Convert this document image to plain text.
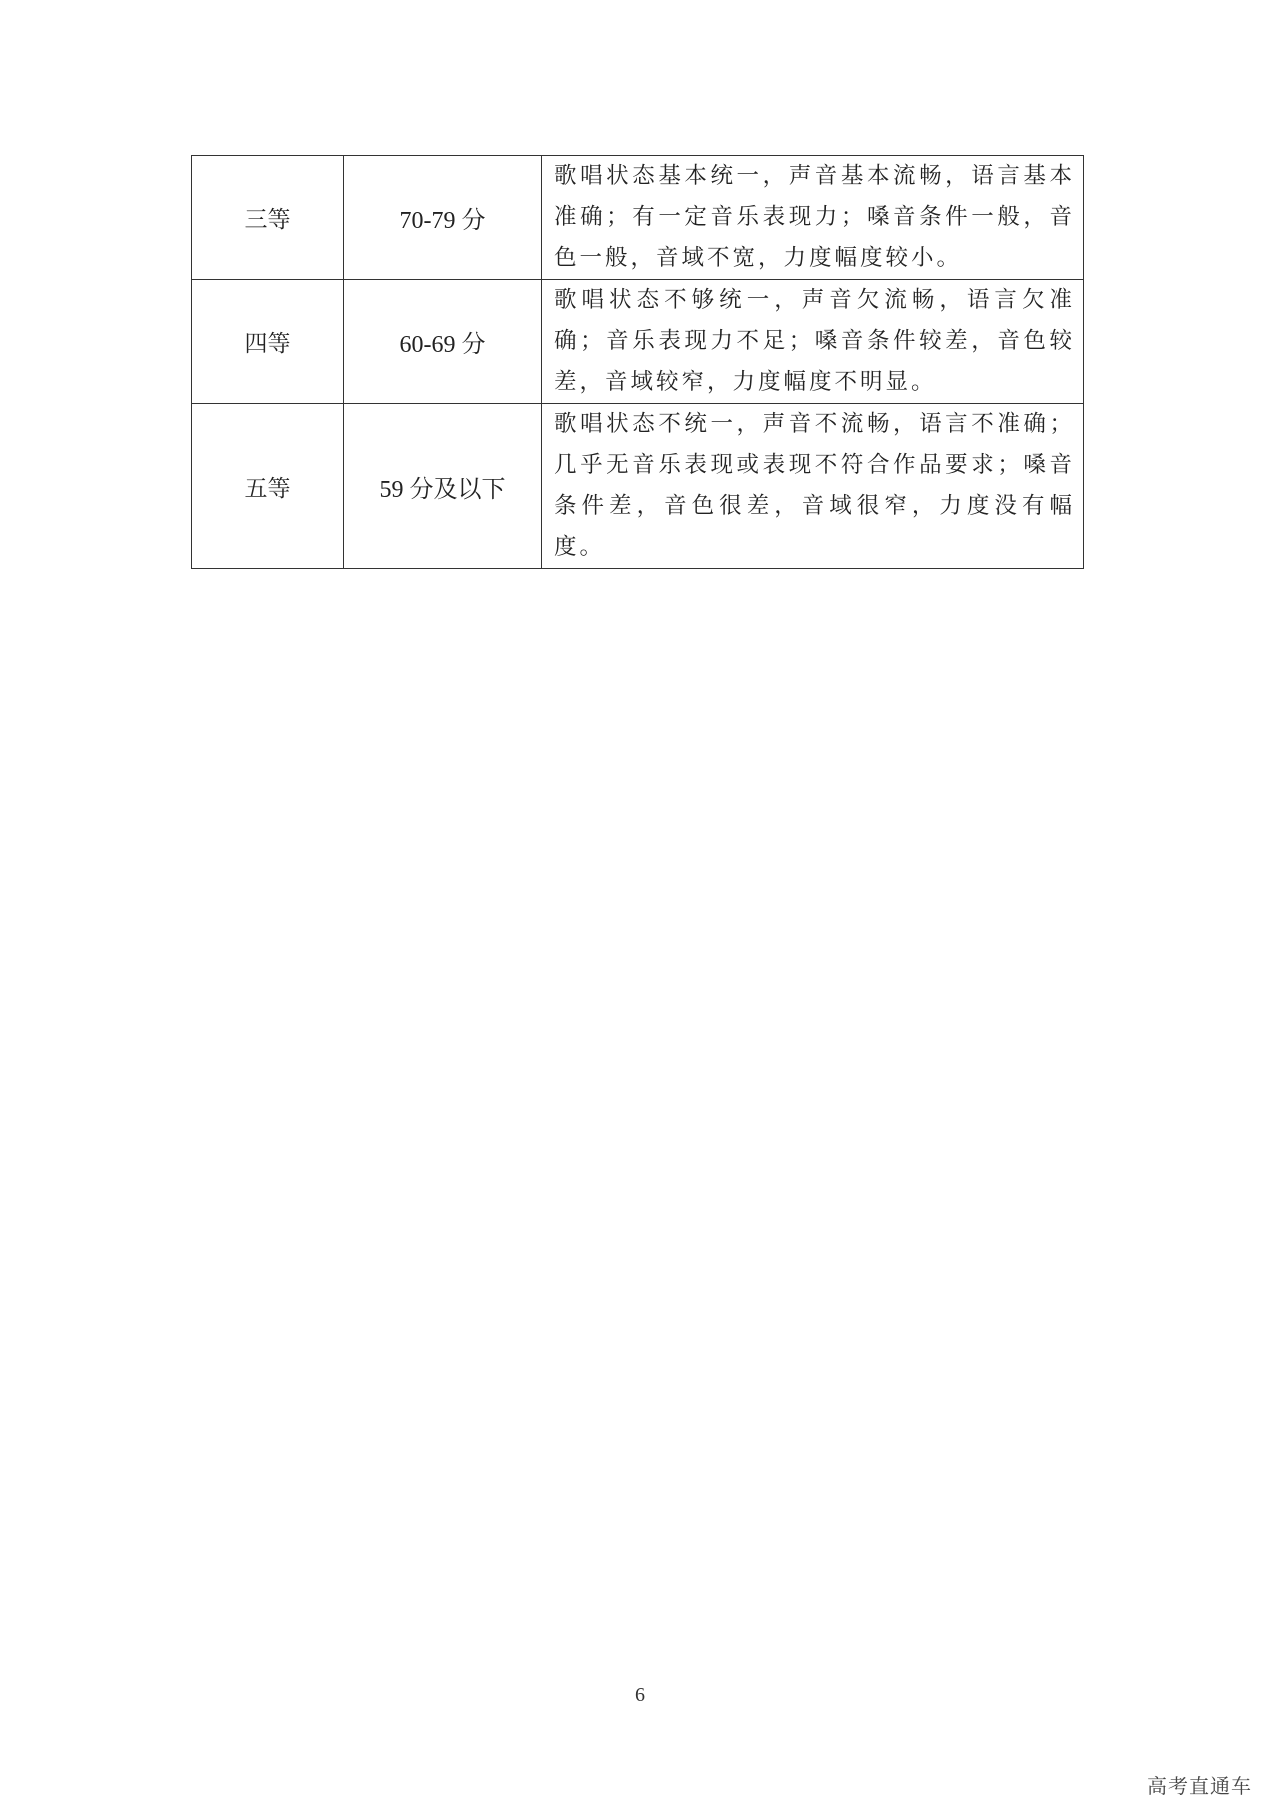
三等	70-79 分	歌唱状态基本统一，声音基本流畅，语言基本准确；有一定音乐表现力；嗓音条件一般，音色一般，音域不宽，力度幅度较小。

四等	60-69 分	歌唱状态不够统一，声音欠流畅，语言欠准确；音乐表现力不足；嗓音条件较差，音色较差，音域较窄，力度幅度不明显。

五等	59 分及以下	歌唱状态不统一，声音不流畅，语言不准确；几乎无音乐表现或表现不符合作品要求；嗓音条件差，音色很差，音域很窄，力度没有幅度。
6
高考直通车
